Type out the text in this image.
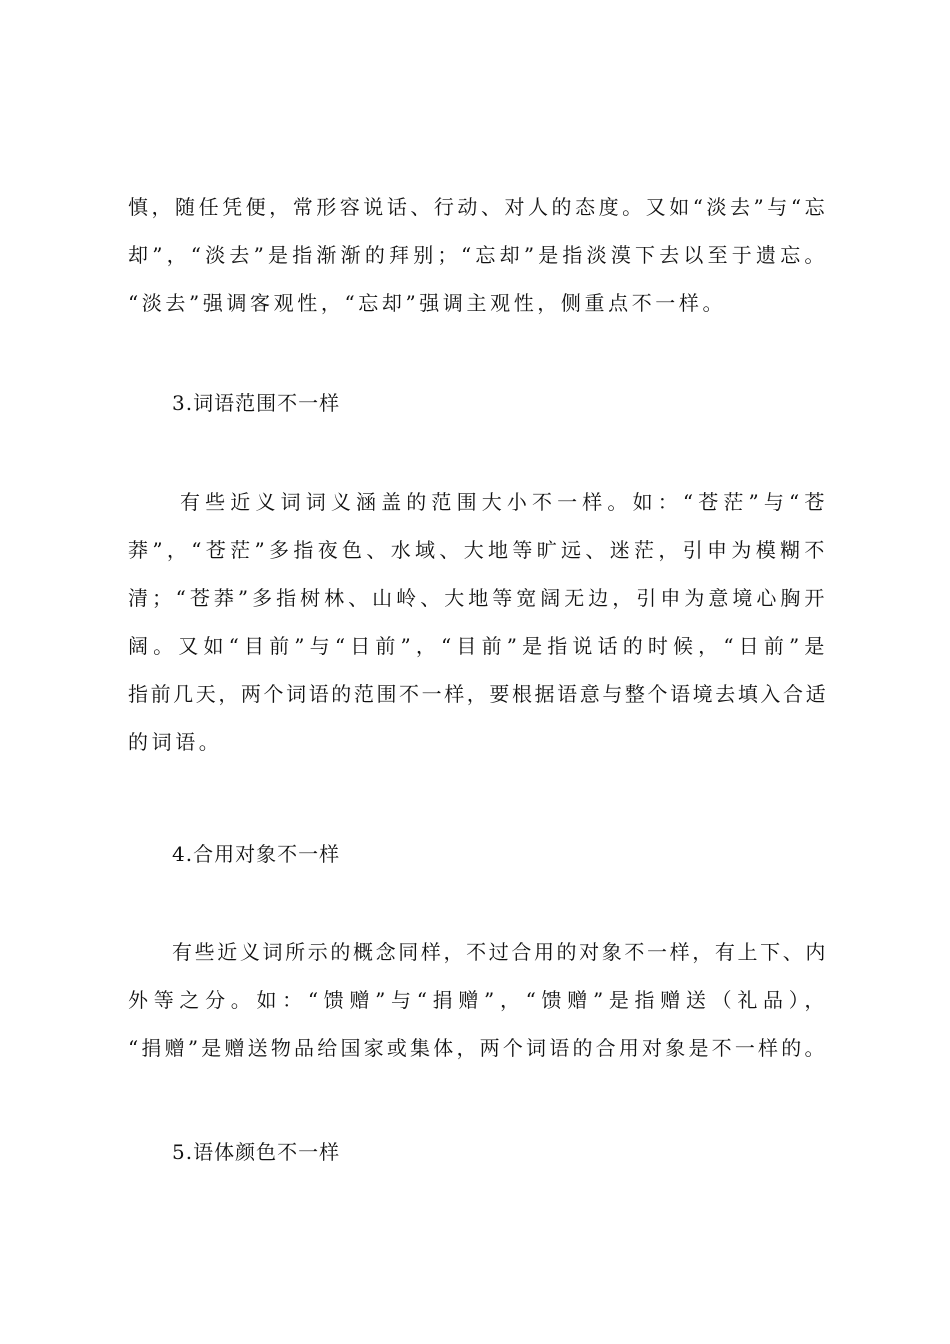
慎，随任凭便，常形容说话、行动、对人的态度。又如“淡去”与“忘
却”，“淡去”是指渐渐的拜别；“忘却”是指淡漠下去以至于遗忘。
“淡去”强调客观性，“忘却”强调主观性，侧重点不一样。
3.词语范围不一样
有些近义词词义涵盖的范围大小不一样。如：“苍茫”与“苍
莽”，“苍茫”多指夜色、水域、大地等旷远、迷茫，引申为模糊不
清；“苍莽”多指树林、山岭、大地等宽阔无边，引申为意境心胸开
阔。又如“目前”与“日前”，“目前”是指说话的时候，“日前”是
指前几天，两个词语的范围不一样，要根据语意与整个语境去填入合适
的词语。
4.合用对象不一样
有些近义词所示的概念同样，不过合用的对象不一样，有上下、内
外等之分。如：“馈赠”与“捐赠”，“馈赠”是指赠送（礼品），
“捐赠”是赠送物品给国家或集体，两个词语的合用对象是不一样的。
5.语体颜色不一样
